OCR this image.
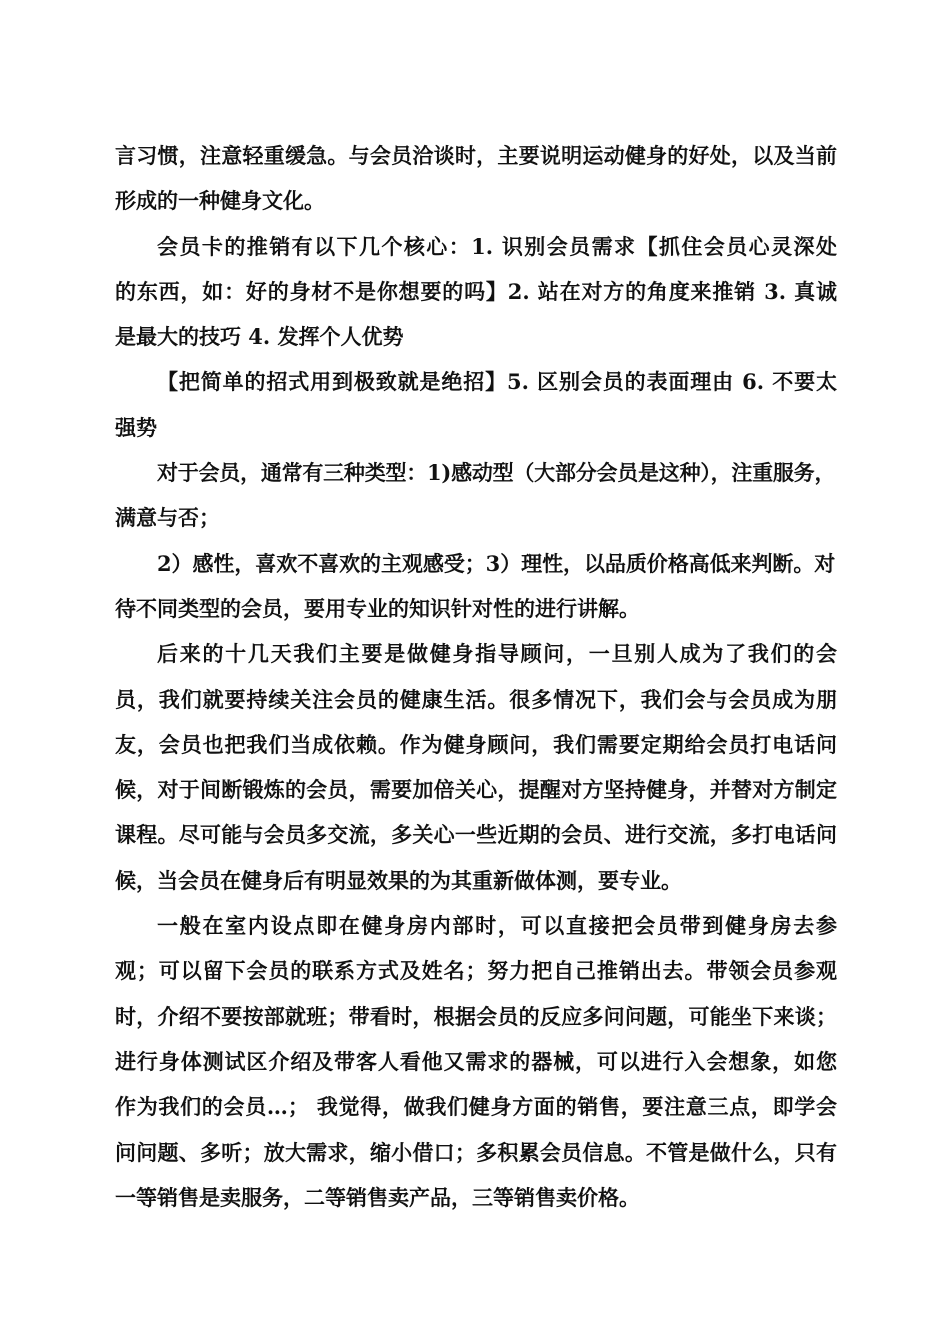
言习惯，注意轻重缓急。与会员洽谈时，主要说明运动健身的好处，以及当前
形成的一种健身文化。
会员卡的推销有以下几个核心：1. 识别会员需求【抓住会员心灵深处
的东西，如：好的身材不是你想要的吗】2. 站在对方的角度来推销 3. 真诚
是最大的技巧 4. 发挥个人优势
【把简单的招式用到极致就是绝招】5. 区别会员的表面理由 6. 不要太
强势
对于会员，通常有三种类型：1)感动型（大部分会员是这种），注重服务，
满意与否；
2）感性，喜欢不喜欢的主观感受；3）理性，以品质价格高低来判断。对
待不同类型的会员，要用专业的知识针对性的进行讲解。
后来的十几天我们主要是做健身指导顾问，一旦别人成为了我们的会
员，我们就要持续关注会员的健康生活。很多情况下，我们会与会员成为朋
友，会员也把我们当成依赖。作为健身顾问，我们需要定期给会员打电话问
候，对于间断锻炼的会员，需要加倍关心，提醒对方坚持健身，并替对方制定
课程。尽可能与会员多交流，多关心一些近期的会员、进行交流，多打电话问
候，当会员在健身后有明显效果的为其重新做体测，要专业。
一般在室内设点即在健身房内部时，可以直接把会员带到健身房去参
观；可以留下会员的联系方式及姓名；努力把自己推销出去。带领会员参观
时，介绍不要按部就班；带看时，根据会员的反应多问问题，可能坐下来谈；
进行身体测试区介绍及带客人看他又需求的器械，可以进行入会想象，如您
作为我们的会员…； 我觉得，做我们健身方面的销售，要注意三点，即学会
问问题、多听；放大需求，缩小借口；多积累会员信息。不管是做什么，只有
一等销售是卖服务，二等销售卖产品，三等销售卖价格。
